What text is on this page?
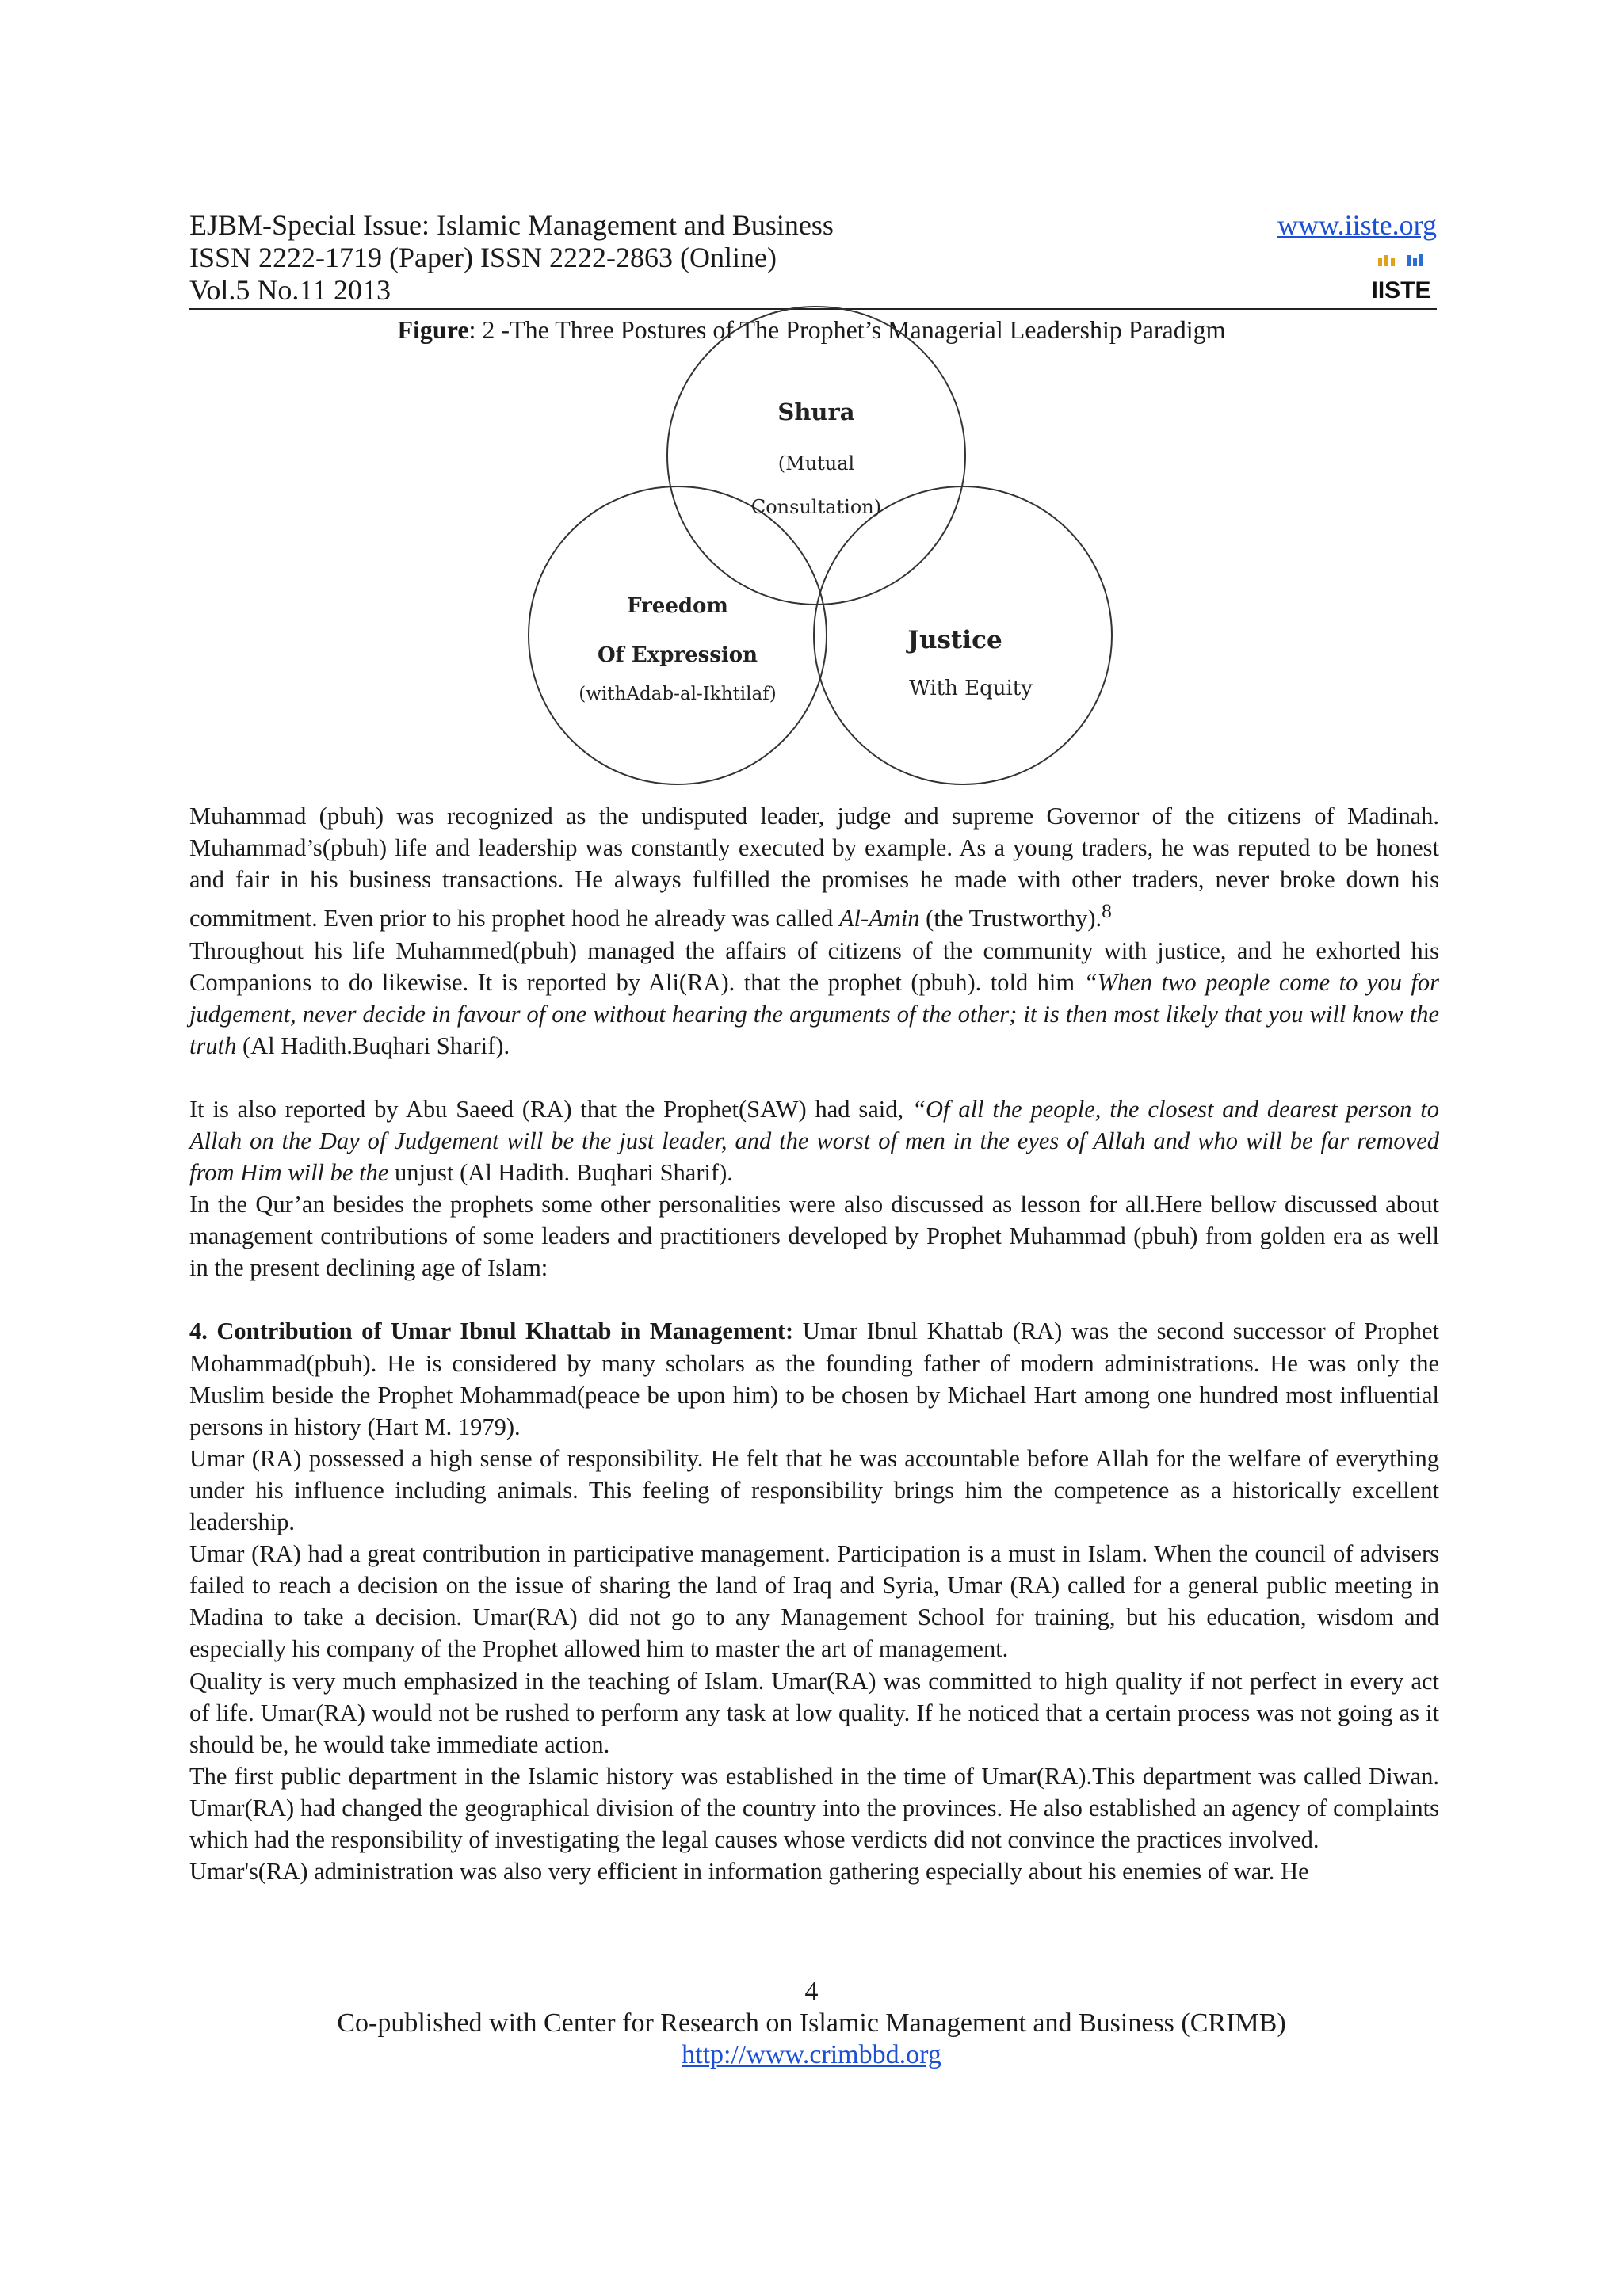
EJBM-Special Issue: Islamic Management and Business
ISSN 2222-1719 (Paper) ISSN 2222-2863 (Online)
Vol.5 No.11 2013
www.iiste.org
IISTE
Figure: 2 -The Three Postures of The Prophet’s Managerial Leadership Paradigm
Shura
(Mutual
Consultation)
Freedom
Of Expression
(withAdab-al-Ikhtilaf)
Justice
With Equity

Muhammad (pbuh) was recognized as the undisputed leader, judge and supreme Governor of the citizens of Madinah. Muhammad’s(pbuh) life and leadership was constantly executed by example. As a young traders, he was reputed to be honest and fair in his business transactions. He always fulfilled the promises he made with other traders, never broke down his commitment. Even prior to his prophet hood he already was called Al-Amin (the Trustworthy).$^8$

Throughout his life Muhammed(pbuh) managed the affairs of citizens of the community with justice, and he exhorted his Companions to do likewise. It is reported by Ali(RA). that the prophet (pbuh). told him “When two people come to you for judgement, never decide in favour of one without hearing the arguments of the other; it is then most likely that you will know the truth (Al Hadith.Buqhari Sharif).

It is also reported by Abu Saeed (RA) that the Prophet(SAW) had said, “Of all the people, the closest and dearest person to Allah on the Day of Judgement will be the just leader, and the worst of men in the eyes of Allah and who will be far removed from Him will be the unjust (Al Hadith. Buqhari Sharif).

In the Qur’an besides the prophets some other personalities were also discussed as lesson for all.Here bellow discussed about management contributions of some leaders and practitioners developed by Prophet Muhammad (pbuh) from golden era as well in the present declining age of Islam:

4. Contribution of Umar Ibnul Khattab in Management: Umar Ibnul Khattab (RA) was the second successor of Prophet Mohammad(pbuh). He is considered by many scholars as the founding father of modern administrations. He was only the Muslim beside the Prophet Mohammad(peace be upon him) to be chosen by Michael Hart among one hundred most influential persons in history (Hart M. 1979).

Umar (RA) possessed a high sense of responsibility. He felt that he was accountable before Allah for the welfare of everything under his influence including animals. This feeling of responsibility brings him the competence as a historically excellent leadership.

Umar (RA) had a great contribution in participative management. Participation is a must in Islam. When the council of advisers failed to reach a decision on the issue of sharing the land of Iraq and Syria, Umar (RA) called for a general public meeting in Madina to take a decision. Umar(RA) did not go to any Management School for training, but his education, wisdom and especially his company of the Prophet allowed him to master the art of management.

Quality is very much emphasized in the teaching of Islam. Umar(RA) was committed to high quality if not perfect in every act of life. Umar(RA) would not be rushed to perform any task at low quality. If he noticed that a certain process was not going as it should be, he would take immediate action.

The first public department in the Islamic history was established in the time of Umar(RA).This department was called Diwan. Umar(RA) had changed the geographical division of the country into the provinces. He also established an agency of complaints which had the responsibility of investigating the legal causes whose verdicts did not convince the practices involved.

Umar's(RA) administration was also very efficient in information gathering especially about his enemies of war. He

4
Co-published with Center for Research on Islamic Management and Business (CRIMB)
http://www.crimbbd.org
